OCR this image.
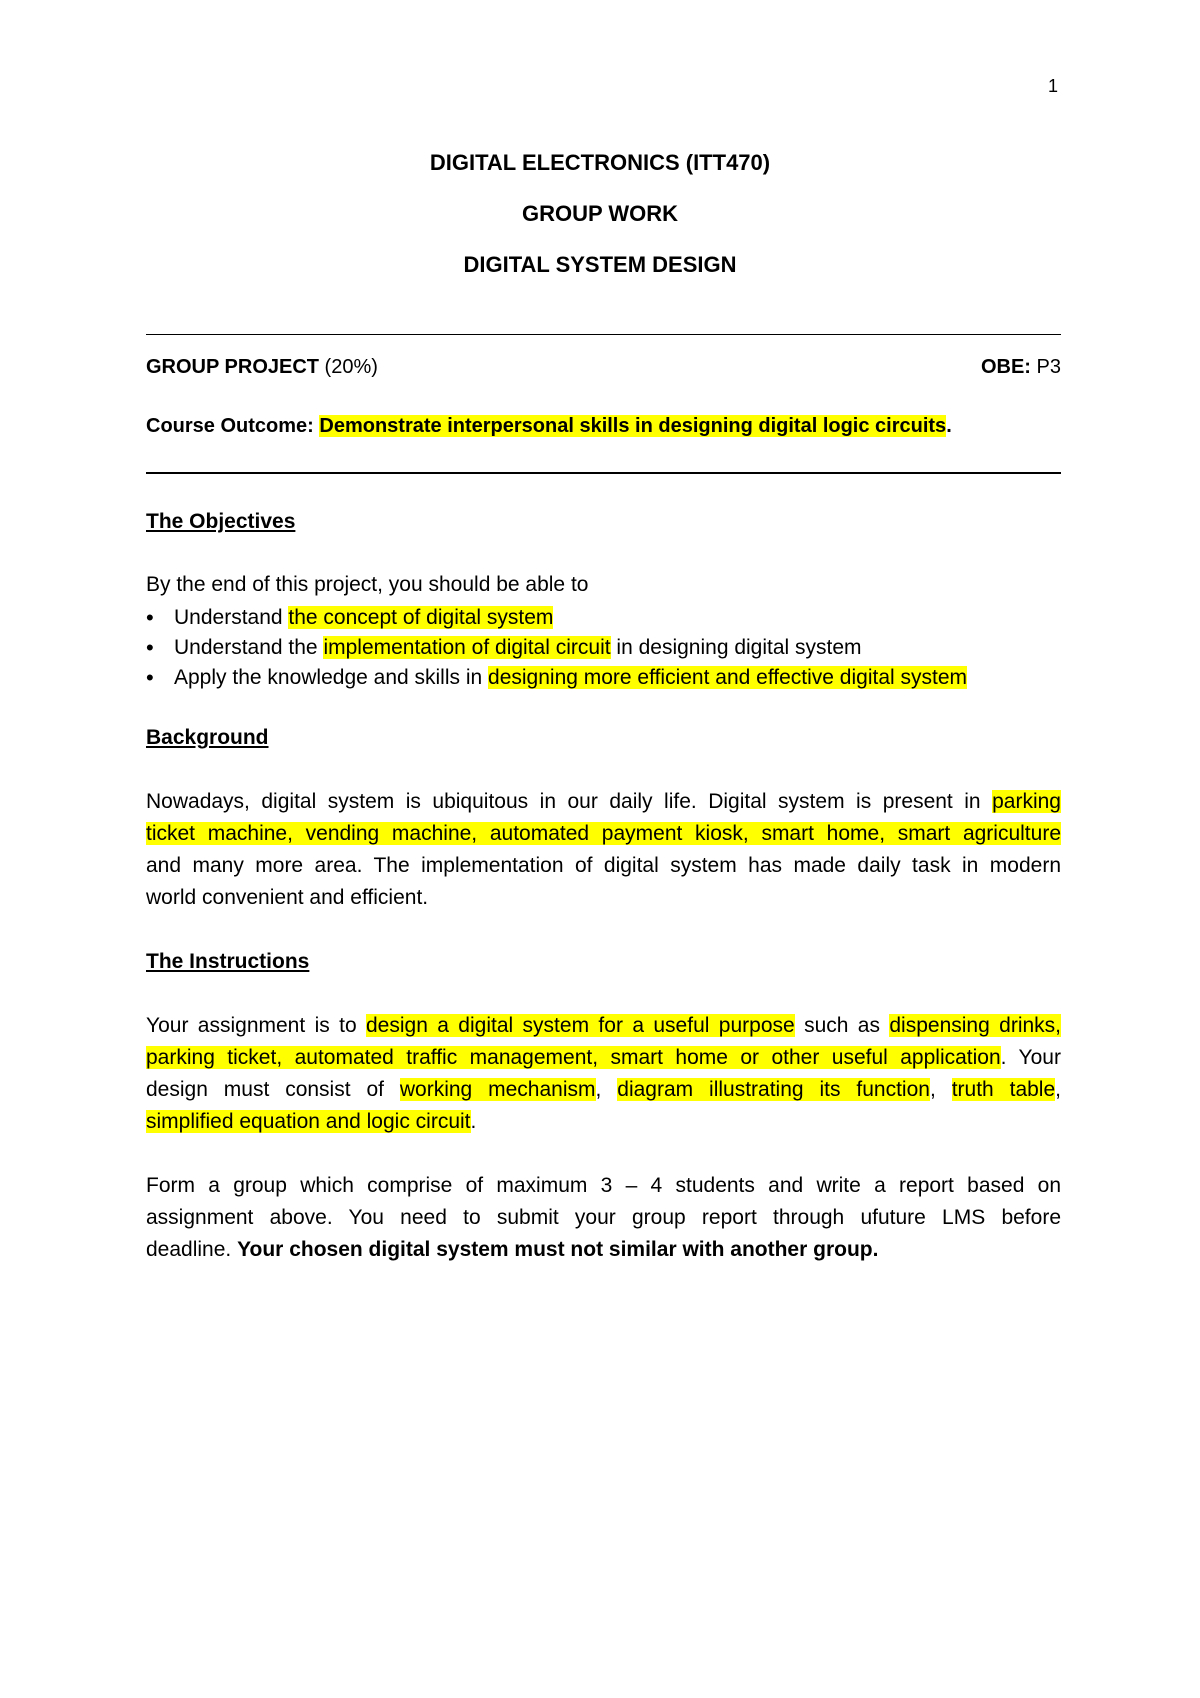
1
DIGITAL ELECTRONICS (ITT470)
GROUP WORK
DIGITAL SYSTEM DESIGN
GROUP PROJECT (20%)	OBE: P3
Course Outcome: Demonstrate interpersonal skills in designing digital logic circuits.
The Objectives
By the end of this project, you should be able to
• Understand the concept of digital system
• Understand the implementation of digital circuit in designing digital system
• Apply the knowledge and skills in designing more efficient and effective digital system
Background
Nowadays, digital system is ubiquitous in our daily life. Digital system is present in parking
ticket machine, vending machine, automated payment kiosk, smart home, smart agriculture
and many more area. The implementation of digital system has made daily task in modern
world convenient and efficient.
The Instructions
Your assignment is to design a digital system for a useful purpose such as dispensing drinks,
parking ticket, automated traffic management, smart home or other useful application. Your
design must consist of working mechanism, diagram illustrating its function, truth table,
simplified equation and logic circuit.
Form a group which comprise of maximum 3 – 4 students and write a report based on
assignment above. You need to submit your group report through ufuture LMS before
deadline. Your chosen digital system must not similar with another group.
